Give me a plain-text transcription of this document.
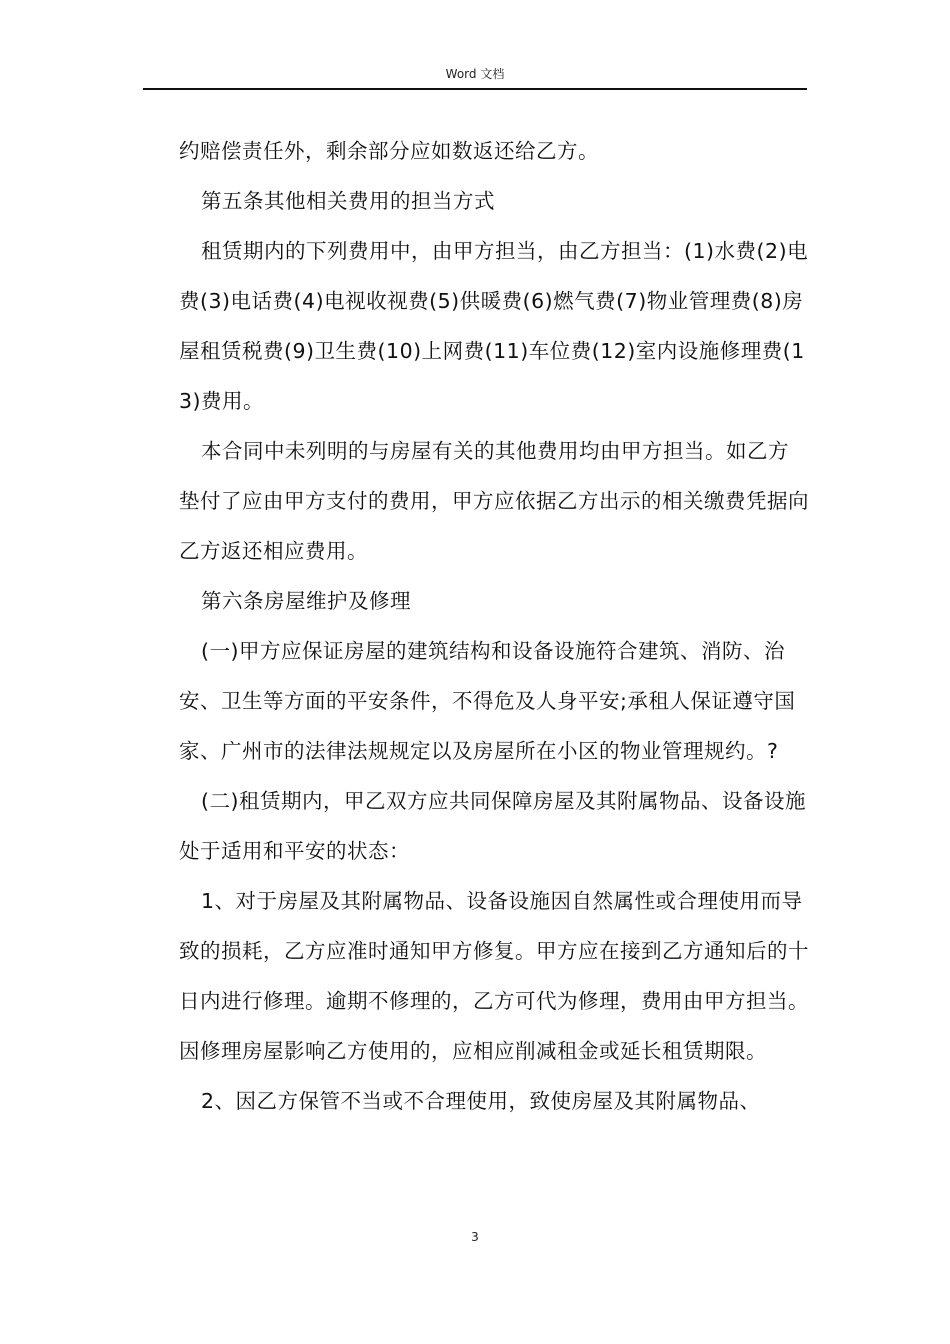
Word 文档

约赔偿责任外，剩余部分应如数返还给乙方。

第五条其他相关费用的担当方式

租赁期内的下列费用中，由甲方担当，由乙方担当：(1)水费(2)电费(3)电话费(4)电视收视费(5)供暖费(6)燃气费(7)物业管理费(8)房屋租赁税费(9)卫生费(10)上网费(11)车位费(12)室内设施修理费(13)费用。

本合同中未列明的与房屋有关的其他费用均由甲方担当。如乙方垫付了应由甲方支付的费用，甲方应依据乙方出示的相关缴费凭据向乙方返还相应费用。

第六条房屋维护及修理

(一)甲方应保证房屋的建筑结构和设备设施符合建筑、消防、治安、卫生等方面的平安条件，不得危及人身平安;承租人保证遵守国家、广州市的法律法规规定以及房屋所在小区的物业管理规约。?

(二)租赁期内，甲乙双方应共同保障房屋及其附属物品、设备设施处于适用和平安的状态：

1、对于房屋及其附属物品、设备设施因自然属性或合理使用而导致的损耗，乙方应准时通知甲方修复。甲方应在接到乙方通知后的十日内进行修理。逾期不修理的，乙方可代为修理，费用由甲方担当。因修理房屋影响乙方使用的，应相应削减租金或延长租赁期限。

2、因乙方保管不当或不合理使用，致使房屋及其附属物品、

3
